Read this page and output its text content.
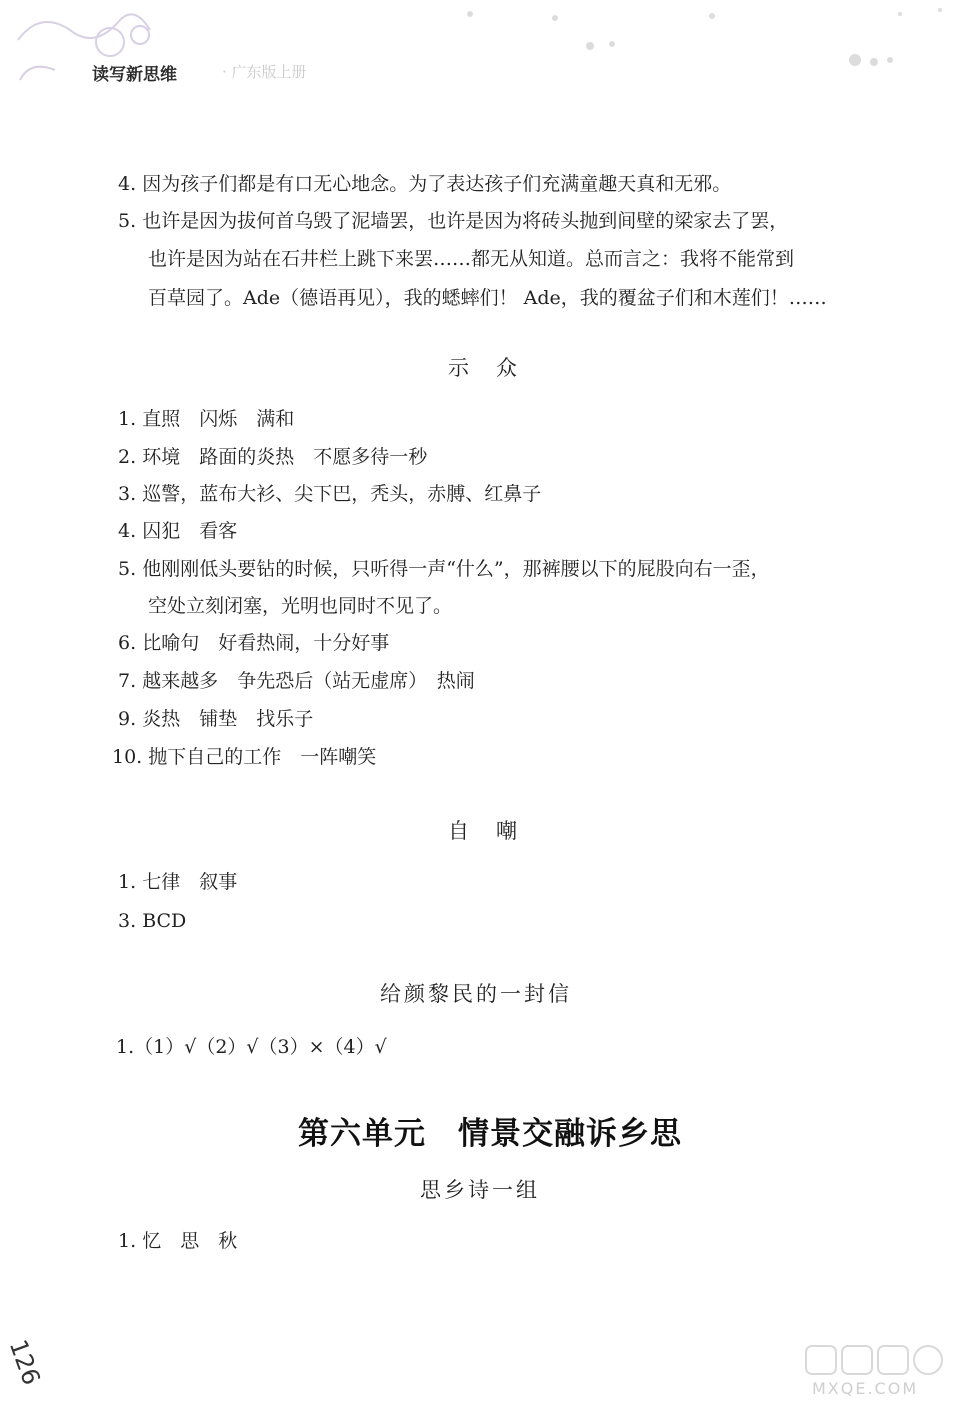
读写新思维	· 广东版上册
4. 因为孩子们都是有口无心地念。为了表达孩子们充满童趣天真和无邪。
5. 也许是因为拔何首乌毁了泥墙罢，也许是因为将砖头抛到间壁的梁家去了罢，
也许是因为站在石井栏上跳下来罢……都无从知道。总而言之：我将不能常到
百草园了。Ade（德语再见），我的蟋蟀们！ Ade，我的覆盆子们和木莲们！……
示　众
1. 直照　闪烁　满和
2. 环境　路面的炎热　不愿多待一秒
3. 巡警，蓝布大衫、尖下巴，秃头，赤膊、红鼻子
4. 囚犯　看客
5. 他刚刚低头要钻的时候，只听得一声“什么”，那裤腰以下的屁股向右一歪，
空处立刻闭塞，光明也同时不见了。
6. 比喻句　好看热闹，十分好事
7. 越来越多　争先恐后（站无虚席）　热闹
9. 炎热　铺垫　找乐子
10. 抛下自己的工作　一阵嘲笑
自　嘲
1. 七律　叙事
3. BCD
给颜黎民的一封信
1.（1）√（2）√（3）×（4）√
第六单元　情景交融诉乡思
思乡诗一组
1. 忆　思　秋
126	MXQE.COM
